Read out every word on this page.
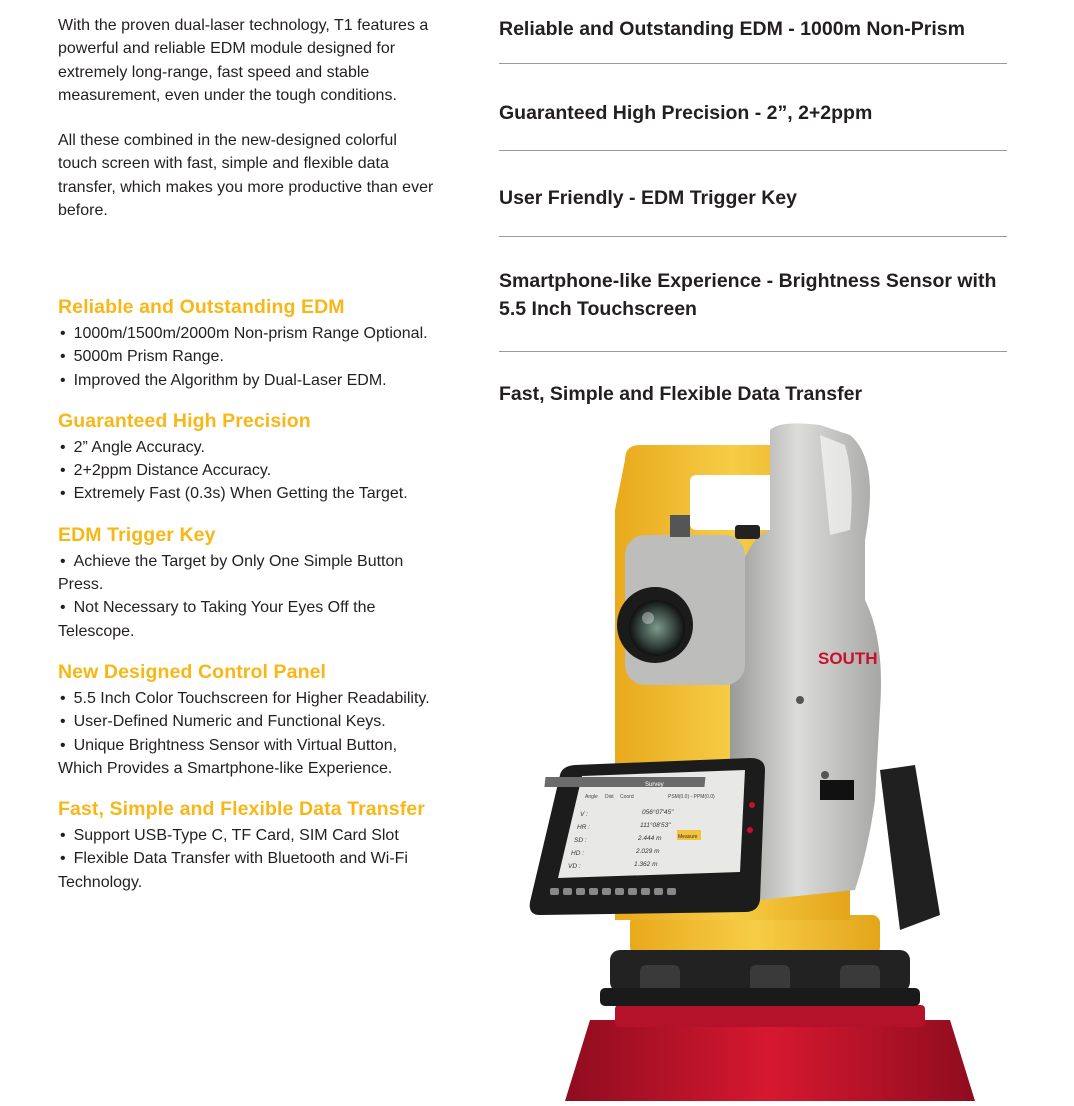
With the proven dual-laser technology, T1 features a powerful and reliable EDM module designed for extremely long-range, fast speed and stable measurement, even under the tough conditions.

All these combined in the new-designed colorful touch screen with fast, simple and flexible data transfer, which makes you more productive than ever before.

Reliable and Outstanding EDM
• 1000m/1500m/2000m Non-prism Range Optional.
• 5000m Prism Range.
• Improved the Algorithm by Dual-Laser EDM.
Guaranteed High Precision
• 2” Angle Accuracy.
• 2+2ppm Distance Accuracy.
• Extremely Fast (0.3s) When Getting the Target.
EDM Trigger Key
• Achieve the Target by Only One Simple Button Press.
• Not Necessary to Taking Your Eyes Off the Telescope.
New Designed Control Panel
• 5.5 Inch Color Touchscreen for Higher Readability.
• User-Defined Numeric and Functional Keys.
• Unique Brightness Sensor with Virtual Button, Which Provides a Smartphone-like Experience.
Fast, Simple and Flexible Data Transfer
• Support USB-Type C, TF Card, SIM Card Slot
• Flexible Data Transfer with Bluetooth and Wi-Fi Technology.
Reliable and Outstanding EDM - 1000m Non-Prism
Guaranteed High Precision - 2”, 2+2ppm
User Friendly - EDM Trigger Key
Smartphone-like Experience - Brightness Sensor with 5.5 Inch Touchscreen
Fast, Simple and Flexible Data Transfer
SOUTH
Survey
Angle Dist Coord	PSM(0.0) - PPM(0.0)
V :	056°07'45"
HR :	111°08'53"
SD :	2.444 m
HD :	2.029 m
VD :	1.362 m
Measure
